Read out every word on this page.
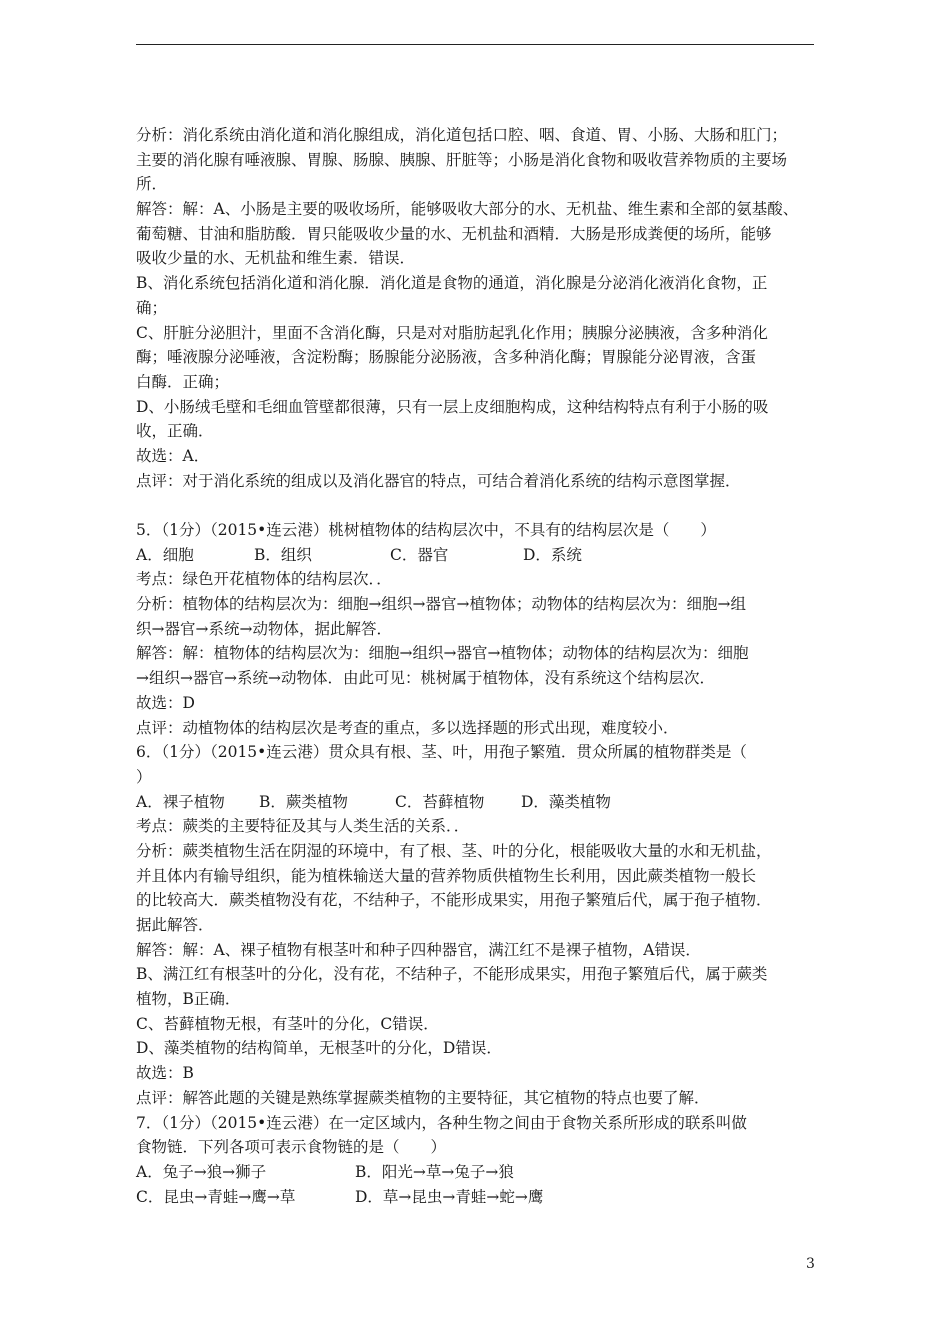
分析：消化系统由消化道和消化腺组成，消化道包括口腔、咽、食道、胃、小肠、大肠和肛门；
主要的消化腺有唾液腺、胃腺、肠腺、胰腺、肝脏等；小肠是消化食物和吸收营养物质的主要场
所．
解答：解：A、小肠是主要的吸收场所，能够吸收大部分的水、无机盐、维生素和全部的氨基酸、
葡萄糖、甘油和脂肪酸．胃只能吸收少量的水、无机盐和酒精．大肠是形成粪便的场所，能够
吸收少量的水、无机盐和维生素．错误．
B、消化系统包括消化道和消化腺．消化道是食物的通道，消化腺是分泌消化液消化食物，正
确；
C、肝脏分泌胆汁，里面不含消化酶，只是对对脂肪起乳化作用；胰腺分泌胰液，含多种消化
酶；唾液腺分泌唾液，含淀粉酶；肠腺能分泌肠液，含多种消化酶；胃腺能分泌胃液，含蛋
白酶．正确；
D、小肠绒毛壁和毛细血管壁都很薄，只有一层上皮细胞构成，这种结构特点有利于小肠的吸
收，正确．
故选：A．
点评：对于消化系统的组成以及消化器官的特点，可结合着消化系统的结构示意图掌握．
5．（1分）（2015•连云港）桃树植物体的结构层次中，不具有的结构层次是（　　）
A．细胞	B．组织	C．器官	D．系统
考点：绿色开花植物体的结构层次．．
分析：植物体的结构层次为：细胞→组织→器官→植物体；动物体的结构层次为：细胞→组
织→器官→系统→动物体，据此解答．
解答：解：植物体的结构层次为：细胞→组织→器官→植物体；动物体的结构层次为：细胞
→组织→器官→系统→动物体．由此可见：桃树属于植物体，没有系统这个结构层次．
故选：D
点评：动植物体的结构层次是考查的重点，多以选择题的形式出现，难度较小．
6．（1分）（2015•连云港）贯众具有根、茎、叶，用孢子繁殖．贯众所属的植物群类是（
）
A．裸子植物 B．蕨类植物	C．苔藓植物 D．藻类植物
考点：蕨类的主要特征及其与人类生活的关系．．
分析：蕨类植物生活在阴湿的环境中，有了根、茎、叶的分化，根能吸收大量的水和无机盐，
并且体内有输导组织，能为植株输送大量的营养物质供植物生长利用，因此蕨类植物一般长
的比较高大．蕨类植物没有花，不结种子，不能形成果实，用孢子繁殖后代，属于孢子植物．
据此解答．
解答：解：A、裸子植物有根茎叶和种子四种器官，满江红不是裸子植物，A错误．
B、满江红有根茎叶的分化，没有花，不结种子，不能形成果实，用孢子繁殖后代，属于蕨类
植物，B正确．
C、苔藓植物无根，有茎叶的分化，C错误．
D、藻类植物的结构简单，无根茎叶的分化，D错误．
故选：B
点评：解答此题的关键是熟练掌握蕨类植物的主要特征，其它植物的特点也要了解．
7．（1分）（2015•连云港）在一定区域内，各种生物之间由于食物关系所形成的联系叫做
食物链．下列各项可表示食物链的是（　　）
A．兔子→狼→狮子	B．阳光→草→兔子→狼
C．昆虫→青蛙→鹰→草	D．草→昆虫→青蛙→蛇→鹰
3
